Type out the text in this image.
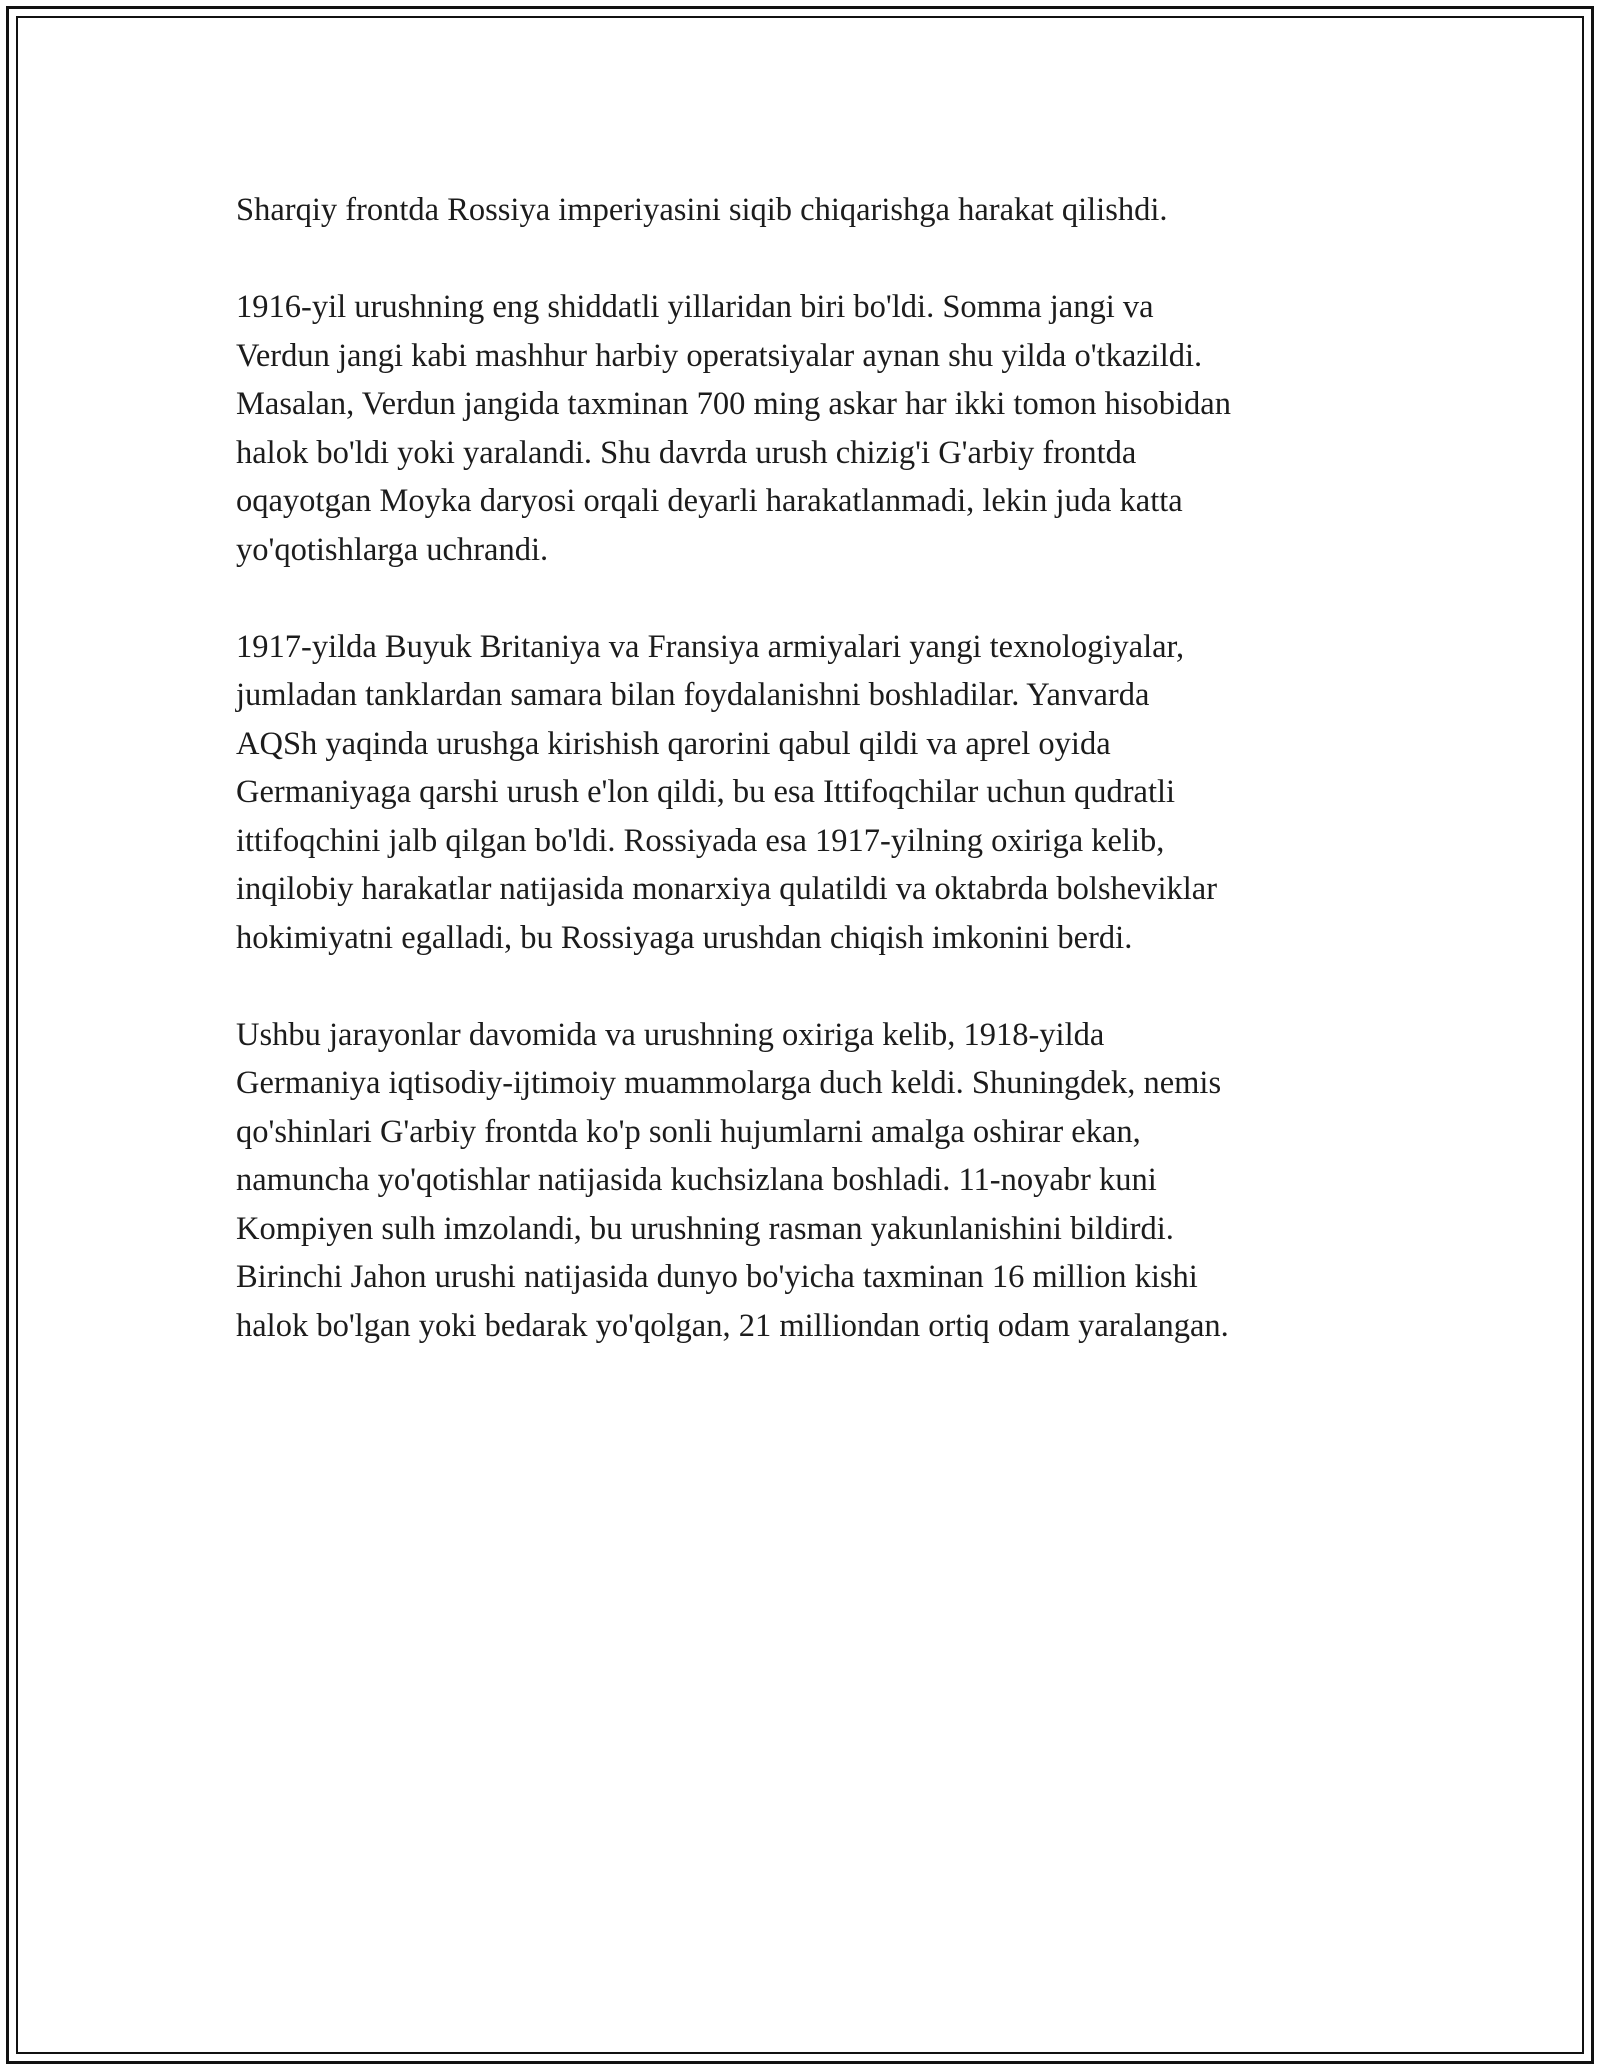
Sharqiy frontda Rossiya imperiyasini siqib chiqarishga harakat qilishdi.

1916-yil urushning eng shiddatli yillaridan biri bo'ldi. Somma jangi va
Verdun jangi kabi mashhur harbiy operatsiyalar aynan shu yilda o'tkazildi.
Masalan, Verdun jangida taxminan 700 ming askar har ikki tomon hisobidan
halok bo'ldi yoki yaralandi. Shu davrda urush chizig'i G'arbiy frontda
oqayotgan Moyka daryosi orqali deyarli harakatlanmadi, lekin juda katta
yo'qotishlarga uchrandi.

1917-yilda Buyuk Britaniya va Fransiya armiyalari yangi texnologiyalar,
jumladan tanklardan samara bilan foydalanishni boshladilar. Yanvarda
AQSh yaqinda urushga kirishish qarorini qabul qildi va aprel oyida
Germaniyaga qarshi urush e'lon qildi, bu esa Ittifoqchilar uchun qudratli
ittifoqchini jalb qilgan bo'ldi. Rossiyada esa 1917-yilning oxiriga kelib,
inqilobiy harakatlar natijasida monarxiya qulatildi va oktabrda bolsheviklar
hokimiyatni egalladi, bu Rossiyaga urushdan chiqish imkonini berdi.

Ushbu jarayonlar davomida va urushning oxiriga kelib, 1918-yilda
Germaniya iqtisodiy-ijtimoiy muammolarga duch keldi. Shuningdek, nemis
qo'shinlari G'arbiy frontda ko'p sonli hujumlarni amalga oshirar ekan,
namuncha yo'qotishlar natijasida kuchsizlana boshladi. 11-noyabr kuni
Kompiyen sulh imzolandi, bu urushning rasman yakunlanishini bildirdi.
Birinchi Jahon urushi natijasida dunyo bo'yicha taxminan 16 million kishi
halok bo'lgan yoki bedarak yo'qolgan, 21 milliondan ortiq odam yaralangan.
